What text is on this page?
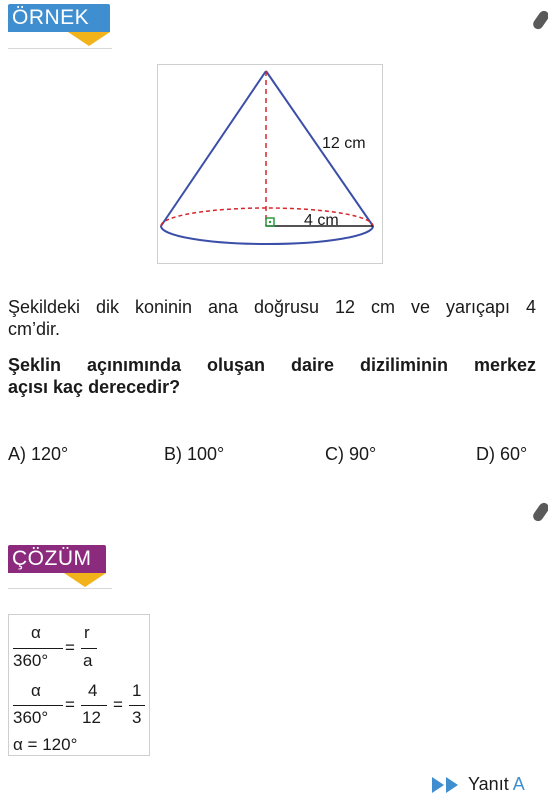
ÖRNEK
12 cm
4 cm
Şekildeki dik koninin ana doğrusu 12 cm ve yarıçapı 4
cm’dir.
Şeklin açınımında oluşan daire diziliminin merkez
açısı kaç derecedir?
A) 120°	B) 100°	C) 90°	D) 60°
ÇÖZÜM
α
360°
=
r
a
α
360°
=
4
12
=
1
3
α = 120°
Yanıt A
